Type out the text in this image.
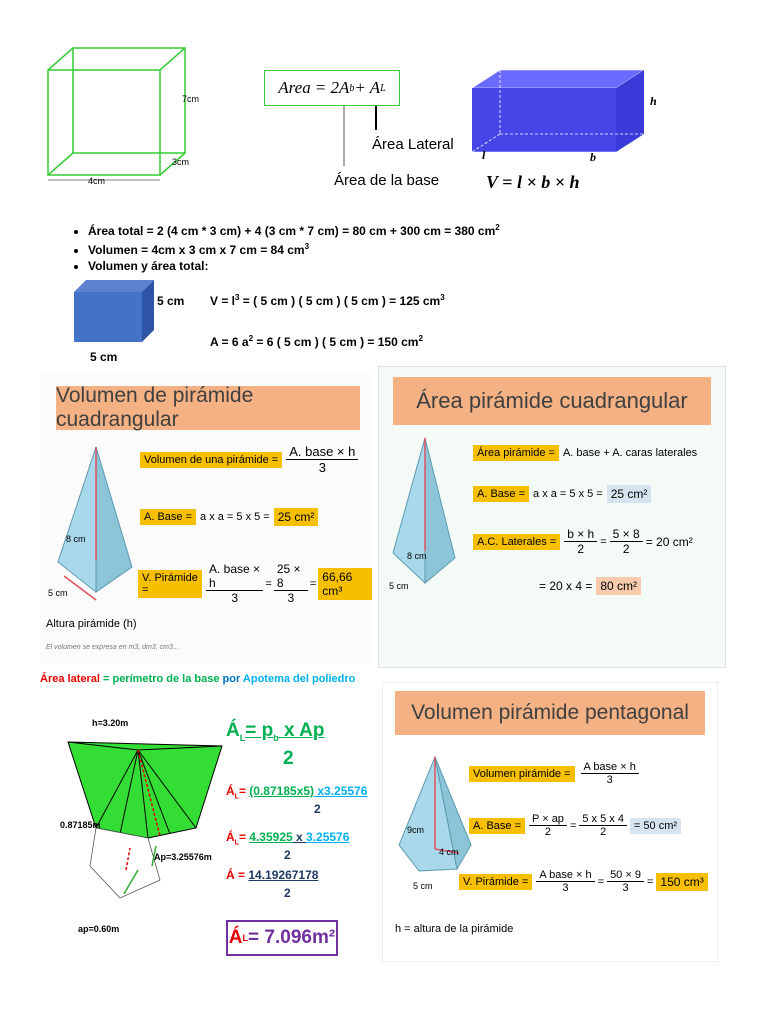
7cm
3cm
4cm
Area = 2A b + A L
Área Lateral
Área de la base
h
l	b
V = l × b × h
• Área total = 2 (4 cm * 3 cm) + 4 (3 cm * 7 cm) = 80 cm + 300 cm = 380 $cm^2$
• Volumen = 4cm x 3 cm x 7 cm = 84 $cm^3$
• Volumen y área total:
5 cm
5 cm
$V = l^3$ = ( 5 cm ) ( 5 cm ) ( 5 cm ) = 125 $cm^3$
A = 6 $a^2 = 6$ ( 5 cm ) ( 5 cm ) = 150 $cm^2$
Volumen de pirámide cuadrangular
8 cm
5 cm
Volumen de una pirámide = $\frac{\text{A. base × h}}{3}$
A. Base = a x a = 5 x 5 = 25 cm²
V. Pirámide =	$\frac{\text{A. base × h}}{3} = \frac{25 \times 8}{3} = 66,66$ cm³
Altura pirámide (h)
El volumen se expresa en m3, dm3, cm3...
Área pirámide cuadrangular
8 cm
5 cm
Área pirámide = A. base + A. caras laterales
A. Base = a x a = 5 x 5 = 25 cm²
A.C. Laterales = $\frac{b \times h}{2} = \frac{5 \times 8}{2} = 20$ cm²
= 20 x 4 = 80 cm²
Área lateral = perímetro de la base por Apotema del poliedro
h=3.20m
0.87185m
Ap=3.25576m
ap=0.60m
$Á_L= p_b$ x Ap
2
$Á_L= (0.87185x5)$ x3.25576
2
$Á_L= 4.35925$ x 3.25576
2
Á = 14.19267178
2
Á L = 7.096m²
Volumen pirámide pentagonal
9cm
4 cm
5 cm
Volumen pirámide = $\frac{\text{A base × h}}{3}$
A. Base = $\frac{P \times ap}{2} = \frac{5 x 5 x 4}{2} = 50$ cm²
V. Pirámide = $\frac{\text{A base × h}}{3} = \frac{50 \times 9}{3} = 150$ cm³
h = altura de la pirámide
